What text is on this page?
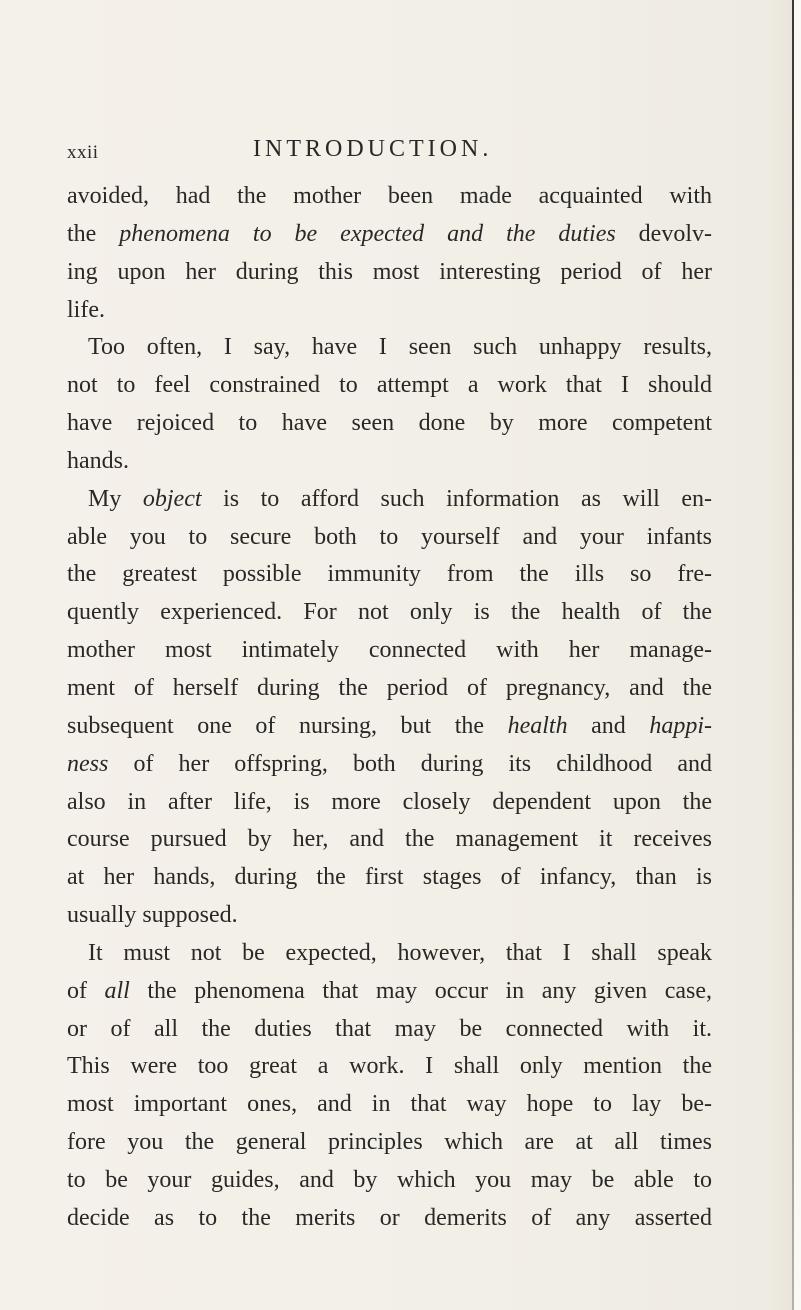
xxii	INTRODUCTION.
avoided, had the mother been made acquainted with
the phenomena to be expected and the duties devolv-
ing upon her during this most interesting period of her
life.
Too often, I say, have I seen such unhappy results,
not to feel constrained to attempt a work that I should
have rejoiced to have seen done by more competent
hands.
My object is to afford such information as will en-
able you to secure both to yourself and your infants
the greatest possible immunity from the ills so fre-
quently experienced. For not only is the health of the
mother most intimately connected with her manage-
ment of herself during the period of pregnancy, and the
subsequent one of nursing, but the health and happi-
ness of her offspring, both during its childhood and
also in after life, is more closely dependent upon the
course pursued by her, and the management it receives
at her hands, during the first stages of infancy, than is
usually supposed.
It must not be expected, however, that I shall speak
of all the phenomena that may occur in any given case,
or of all the duties that may be connected with it.
This were too great a work. I shall only mention the
most important ones, and in that way hope to lay be-
fore you the general principles which are at all times
to be your guides, and by which you may be able to
decide as to the merits or demerits of any asserted
